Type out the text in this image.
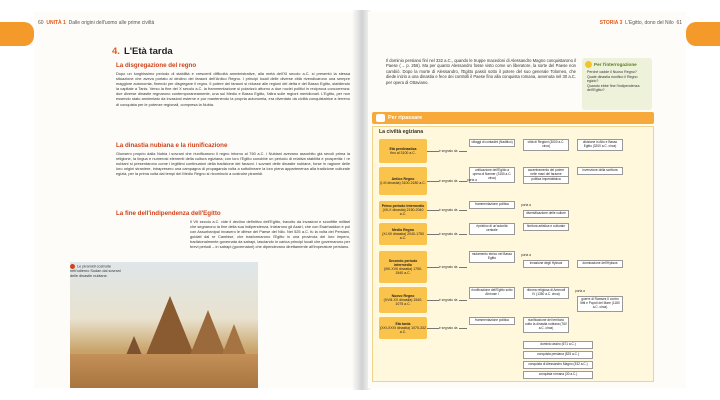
60 UNITÀ 1 Dalle origini dell'uomo alle prime civiltà
4. L'Età tarda
La disgregazione del regno
Dopo un lunghissimo periodo di stabilità e crescenti difficoltà amministrative, alla metà dell'XI secolo a.C. si presentò la stessa situazione che aveva portato al declino dei faraoni dell'Antico Regno. I principi locali delle diverse città rivendicarono una sempre maggiore autonomia, finendo per disgregare il regno. Il potere dei faraoni si ridusse alle regioni del delta e del Basso Egitto, stabilendo la capitale a Tanis. Verso la fine del X secolo a.C. la frammentazione si polarizzò attorno a due nuclei politici in reciproca concorrenza: due diverse dinastie regnarono contemporaneamente, una sul Medio e Basso Egitto, l'altra sulle regioni meridionali. L'Egitto, per non essendo stato annientato da invasioni esterne e pur mantenendo la propria autonomia, era diventato da civiltà conquistatrice a terreno di conquista per le potenze regionali, compresa la Nubia.
La dinastia nubiana e la riunificazione
Giunsero proprio dalla Nubia i sovrani che riunificarono il regno intorno al 760 a.C. i Nubiani avevano assorbito già secoli prima la religione, la lingua e numerosi elementi della cultura egiziana; con loro l'Egitto conobbe un periodo di relativa stabilità e prosperità: i re nubiani si presentarono come i legittimi continuatori della tradizione dei faraoni. I sovrani delle dinastie nubiane, forse in ragione delle loro origini straniere, intrapresero una campagna di propaganda volta a sottolineare la loro piena appartenenza alla tradizione culturale egizia, per la prima volta dai tempi del Medio Regno si ricominciò a costruire piramidi.
La fine dell'indipendenza dell'Egitto
Il VII secolo a.C. vide il declino definitivo dell'Egitto, travolto da invasioni e sconfitte militari che segnarono la fine della sua indipendenza. Iniziarono gli Assiri, che con Esarhaddon e poi con Assurbanipal invasero le difese del Paese del Nilo. Nel 525 a.C. fu la volta dei Persiani, guidati dal re Cambise, che trasformarono l'Egitto in una provincia del loro impero, tradizionalmente governata da satrapi, lasciando in carica principi locali che governarono per brevi periodi – in satrapi (governatori) che dipendevano direttamente all'imperatore persiano.
Le piramidi costruite nell'odierno Sudan dai sovrani delle dinastie nubiane.
STORIA 3 L'Egitto, dono del Nilo 61
Il dominio persiano finì nel 332 a.C., quando le truppe macedoni di Alessandro Magno conquistarono il Paese (→ p. 256). Ma per quanto Alessandro fosse visto come un liberatore, la sorte del Paese non cambiò. Dopo la morte di Alessandro, l'Egitto passò sotto il potere del suo generale Tolomeo, che diede inizio a una dinastia e fece dei controlli il Paese fino alla conquista romana, avvenuta nel 30 a.C. per opera di Ottaviano.
Per l'interrogazione
Perché cadde il Nuovo Regno?
Quale dinastia riunificò il Regno egizio?
Quando ebbe fine l'indipendenza dell'Egitto?
Per ripassare
La civiltà egiziana
Età predinastica
fino al 3100 a.C.	è segnato da
villaggi di contadini (Naditico)	città di Regioni (3000 a.C. circa)
divisione in Alto e Basso Egitto (3200 a.C. circa)
Antico Regno
(I-III dinastia) 3100-2180 a.C.	è segnato da
unificazione dell'Egitto a opera di Narmer (3150 a.C. circa)
accentramento del potere nelle mani del faraone
invenzione della scrittura
porta a	politica imperialistica
Primo periodo intermedio
(VII-X dinastia) 2150-2040 a.C.
è segnato da
frammentazione politica	porta a
diversificazione delle culture
Medio Regno
(XI-XII dinastia) 2040-1750 a.C.
è segnato da
ripristino di un'autorità centrale
fioritura artistica e culturale
Secondo periodo intermedio
(XIII-XVII dinastia) 1750-1540 a.C.
è segnato da
mutamento etnico nel Basso Egitto
porta a
invasione degli Hyksos	dominazione dell'Hyksos
Nuovo Regno
(XVIII-XX dinastia) 1540-1075 a.C.
è segnato da
riunificazione dell'Egitto sotto Ahmose I
riforma religiosa di Amenofi IV (1350 a.C. circa)
porta a
guerre di Ramses II contro Ittiti e Popoli del Mare (1180 a.C. circa)
Età tarda
(XXI-XXXI dinastia) 1075-332 a.C.
è segnato da
frammentazione politica	riunificazione del territorio sotto la dinastia nubiana (760 a.C. circa)
dominio assiro (671 a.C.)
conquista persiana (525 a.C.)
conquista di Alessandro Magno (332 a.C.)
conquista romana (30 a.C.)
